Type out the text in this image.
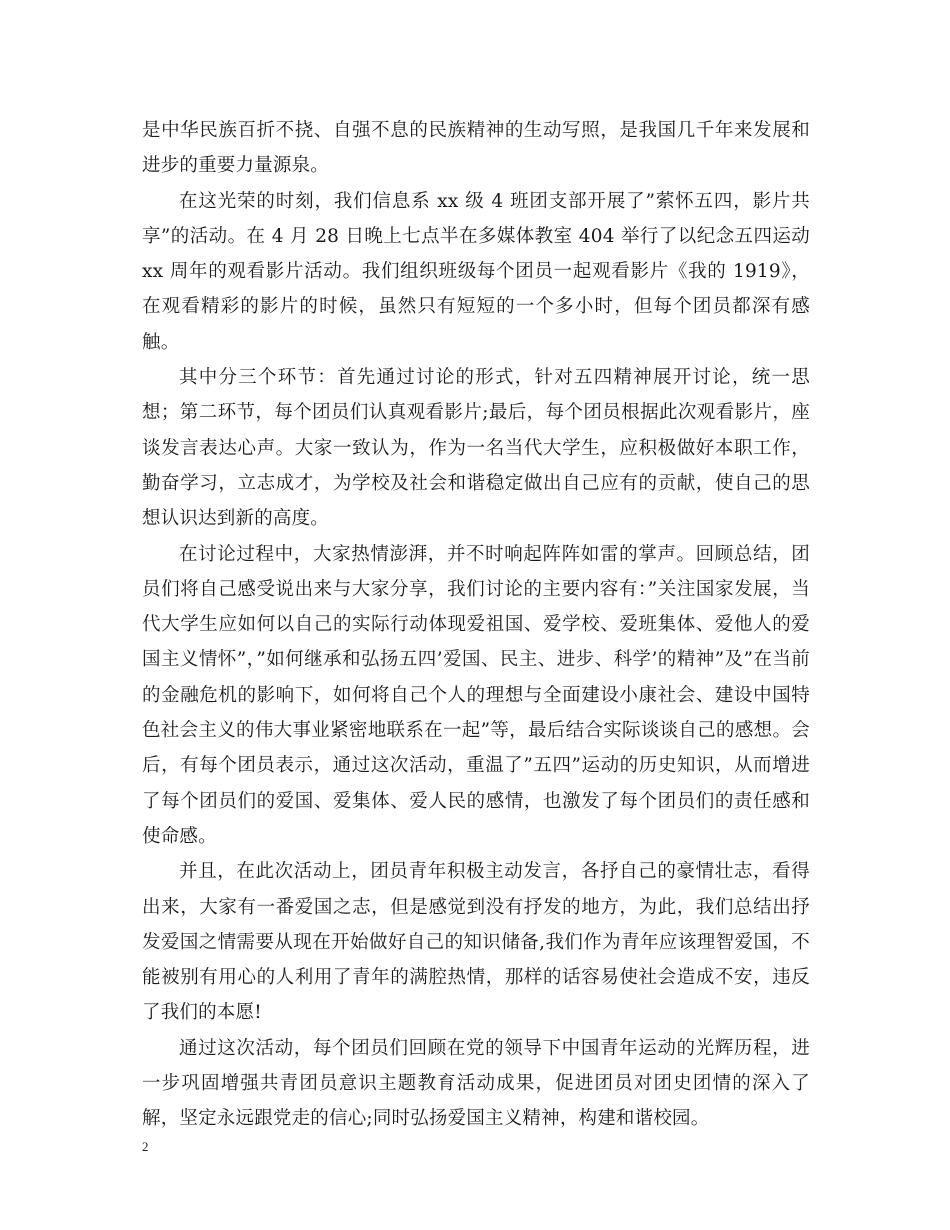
是中华民族百折不挠、自强不息的民族精神的生动写照，是我国几千年来发展和进步的重要力量源泉。

在这光荣的时刻，我们信息系 xx 级 4 班团支部开展了”萦怀五四，影片共享”的活动。在 4 月 28 日晚上七点半在多媒体教室 404 举行了以纪念五四运动 xx 周年的观看影片活动。我们组织班级每个团员一起观看影片《我的 1919》，在观看精彩的影片的时候，虽然只有短短的一个多小时，但每个团员都深有感触。

其中分三个环节：首先通过讨论的形式，针对五四精神展开讨论，统一思想；第二环节，每个团员们认真观看影片;最后，每个团员根据此次观看影片，座谈发言表达心声。大家一致认为，作为一名当代大学生，应积极做好本职工作，勤奋学习，立志成才，为学校及社会和谐稳定做出自己应有的贡献，使自己的思想认识达到新的高度。

在讨论过程中，大家热情澎湃，并不时响起阵阵如雷的掌声。回顾总结，团员们将自己感受说出来与大家分享，我们讨论的主要内容有：”关注国家发展，当代大学生应如何以自己的实际行动体现爱祖国、爱学校、爱班集体、爱他人的爱国主义情怀”，”如何继承和弘扬五四’爱国、民主、进步、科学’的精神”及”在当前的金融危机的影响下，如何将自己个人的理想与全面建设小康社会、建设中国特色社会主义的伟大事业紧密地联系在一起”等，最后结合实际谈谈自己的感想。会后，有每个团员表示，通过这次活动，重温了”五四”运动的历史知识，从而增进了每个团员们的爱国、爱集体、爱人民的感情，也激发了每个团员们的责任感和使命感。

并且，在此次活动上，团员青年积极主动发言，各抒自己的豪情壮志，看得出来，大家有一番爱国之志，但是感觉到没有抒发的地方，为此，我们总结出抒发爱国之情需要从现在开始做好自己的知识储备,我们作为青年应该理智爱国，不能被别有用心的人利用了青年的满腔热情，那样的话容易使社会造成不安，违反了我们的本愿!

通过这次活动，每个团员们回顾在党的领导下中国青年运动的光辉历程，进一步巩固增强共青团员意识主题教育活动成果，促进团员对团史团情的深入了解，坚定永远跟党走的信心;同时弘扬爱国主义精神，构建和谐校园。

2
